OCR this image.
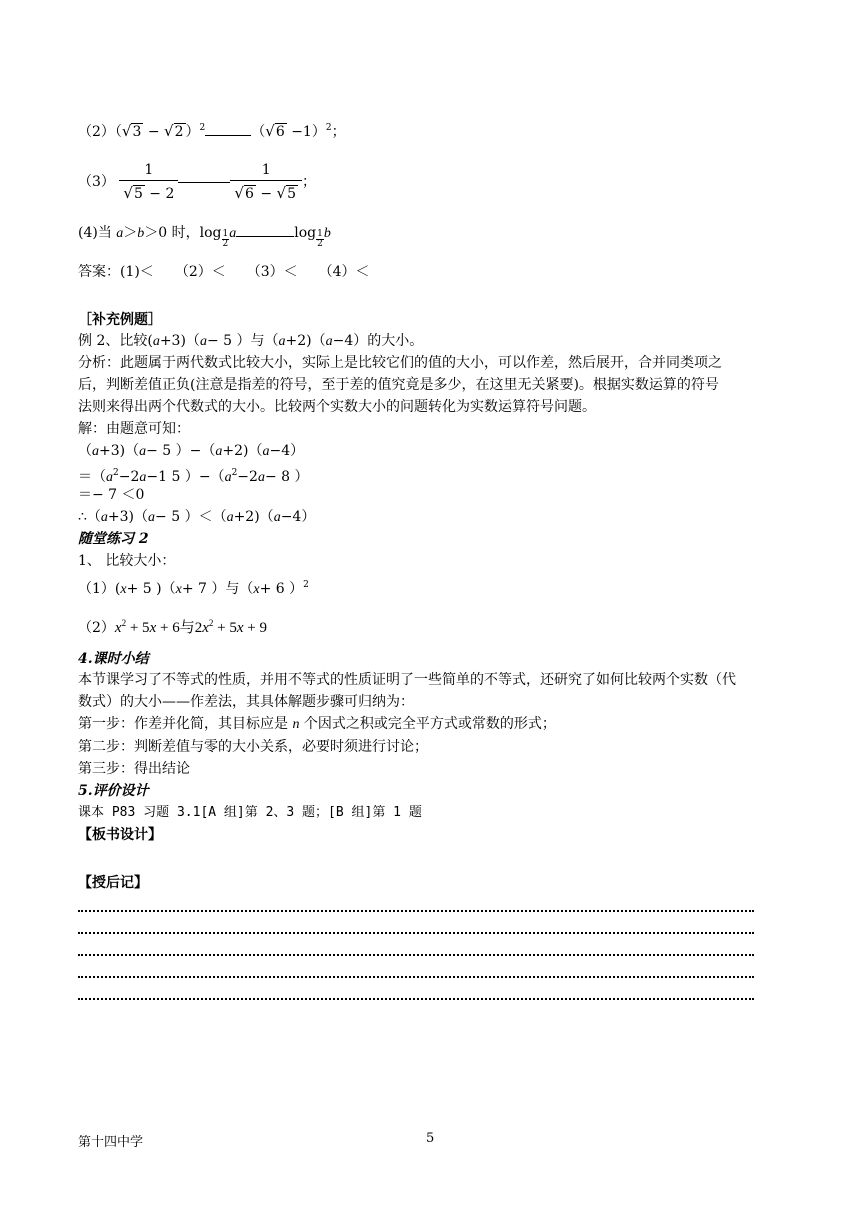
（2）（√3 − √2 ）$^2$	$(√6 -1)^2$；
$(3) \frac{1}{√5 - 2}$	$\frac{1}{√6 - √5}$ ；
(4)当 a＞b＞0 时，$\log \frac{1}{2}$ a	$\log \frac{1}{2}$ b
答案：(1)＜　　（2）＜　　（3）＜　　（4）＜
［补充例题］
例 2、比较(a+3)（a− 5 ）与（a+2)（a−4）的大小。
分析：此题属于两代数式比较大小，实际上是比较它们的值的大小，可以作差，然后展开，合并同类项之
后，判断差值正负(注意是指差的符号，至于差的值究竟是多少，在这里无关紧要)。根据实数运算的符号
法则来得出两个代数式的大小。比较两个实数大小的问题转化为实数运算符号问题。
解：由题意可知：
（a+3)（a− 5 ）−（a+2)（a−4）
$=(a^2-2a-1$ 5 ）$-(a^2-2a- 8$ ）
＝− 7 ＜0
∴（a+3)（a− 5 ）＜（a+2)（a−4）
随堂练习 2
1、 比较大小：
（1）(x+ 5 )（x+ 7 ）与（x+ 6 ）$^2$
$(2)x^2 + 5x + 6$与$2x^2 + 5x + 9$
4.课时小结
本节课学习了不等式的性质，并用不等式的性质证明了一些简单的不等式，还研究了如何比较两个实数（代
数式）的大小——作差法，其具体解题步骤可归纳为：
第一步：作差并化简，其目标应是 n 个因式之积或完全平方式或常数的形式；
第二步：判断差值与零的大小关系，必要时须进行讨论；
第三步：得出结论
5.评价设计
课本 P83 习题 3.1[A 组]第 2、3 题；[B 组]第 1 题
【板书设计】
【授后记】
第十四中学	5
